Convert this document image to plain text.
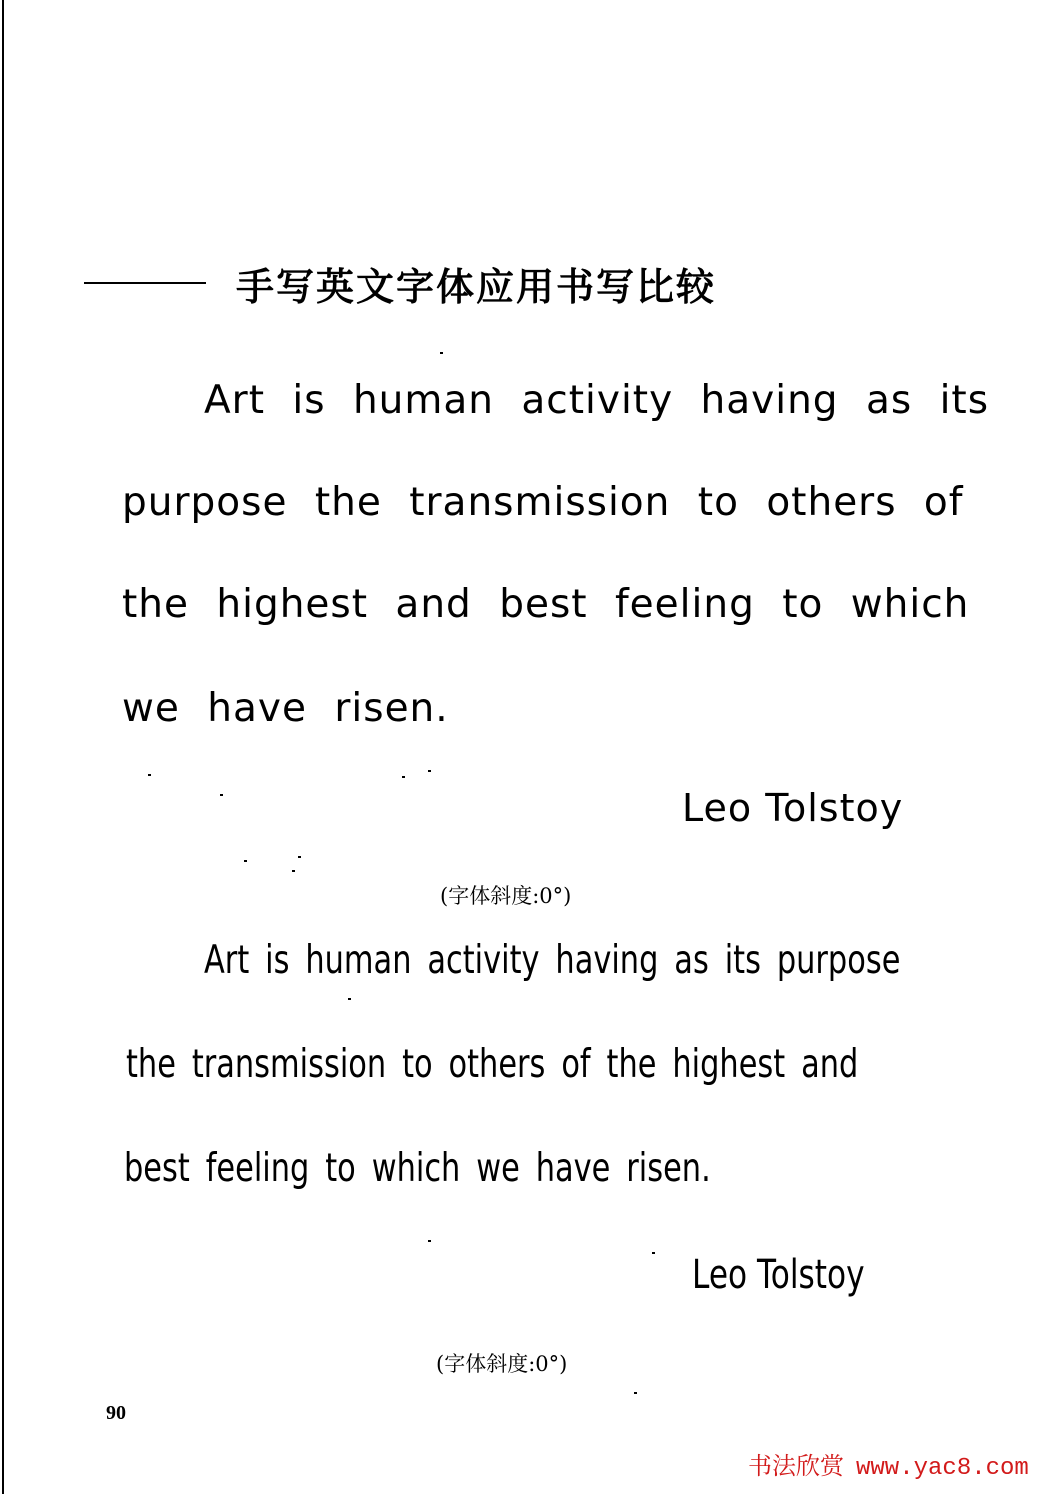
手写英文字体应用书写比较
Art is human activity having as its
purpose the transmission to others of
the highest and best feeling to which
we have risen.
Leo Tolstoy
(字体斜度:0°)
Art is human activity having as its purpose
the transmission to others of the highest and
best feeling to which we have risen.
Leo Tolstoy
(字体斜度:0°)
90
书法欣赏 www.yac8.com
